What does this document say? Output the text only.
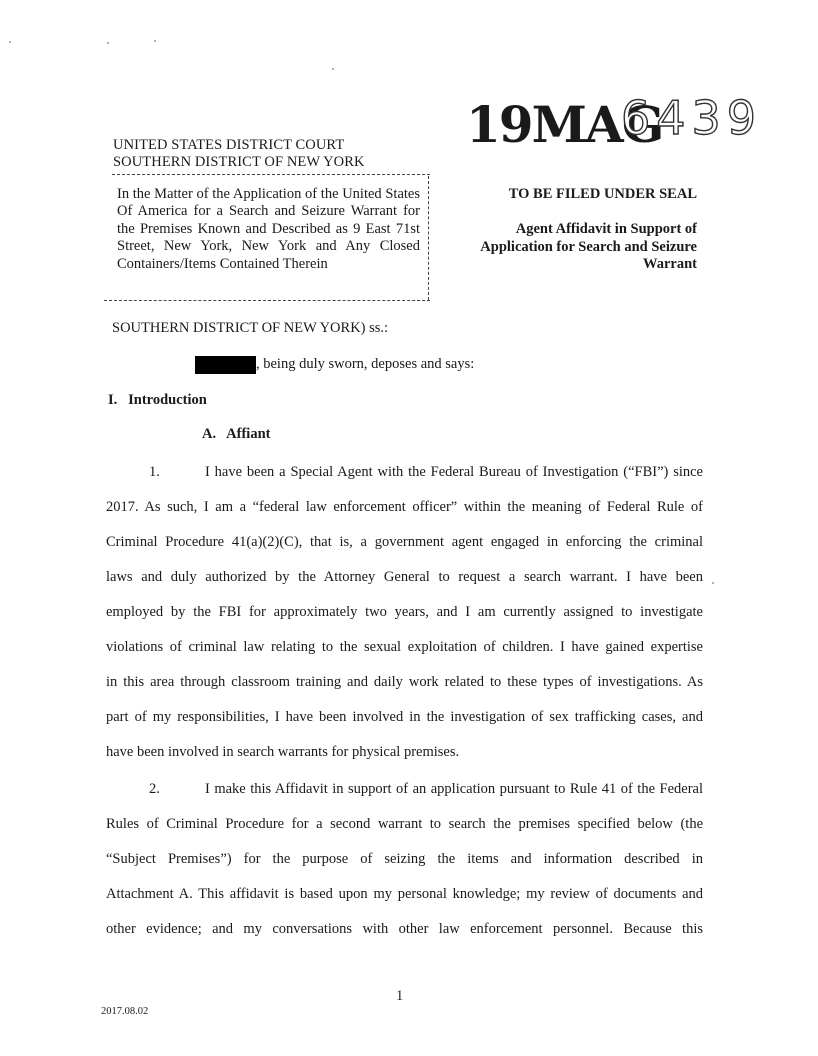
UNITED STATES DISTRICT COURT
SOUTHERN DISTRICT OF NEW YORK
19MAG
6439
In the Matter of the Application of the United States Of America for a Search and Seizure Warrant for the Premises Known and Described as 9 East 71st Street, New York, New York and Any Closed Containers/Items Contained Therein
TO BE FILED UNDER SEAL
Agent Affidavit in Support of Application for Search and Seizure Warrant
SOUTHERN DISTRICT OF NEW YORK) ss.:
, being duly sworn, deposes and says:
I.   Introduction
A.   Affiant
1.	I have been a Special Agent with the Federal Bureau of Investigation (“FBI”) since
2017. As such, I am a “federal law enforcement officer” within the meaning of Federal Rule of
Criminal Procedure 41(a)(2)(C), that is, a government agent engaged in enforcing the criminal
laws and duly authorized by the Attorney General to request a search warrant. I have been
employed by the FBI for approximately two years, and I am currently assigned to investigate
violations of criminal law relating to the sexual exploitation of children. I have gained expertise
in this area through classroom training and daily work related to these types of investigations. As
part of my responsibilities, I have been involved in the investigation of sex trafficking cases, and
have been involved in search warrants for physical premises.
2.	I make this Affidavit in support of an application pursuant to Rule 41 of the Federal
Rules of Criminal Procedure for a second warrant to search the premises specified below (the
“Subject Premises”) for the purpose of seizing the items and information described in
Attachment A. This affidavit is based upon my personal knowledge; my review of documents and
other evidence; and my conversations with other law enforcement personnel. Because this
1
2017.08.02
